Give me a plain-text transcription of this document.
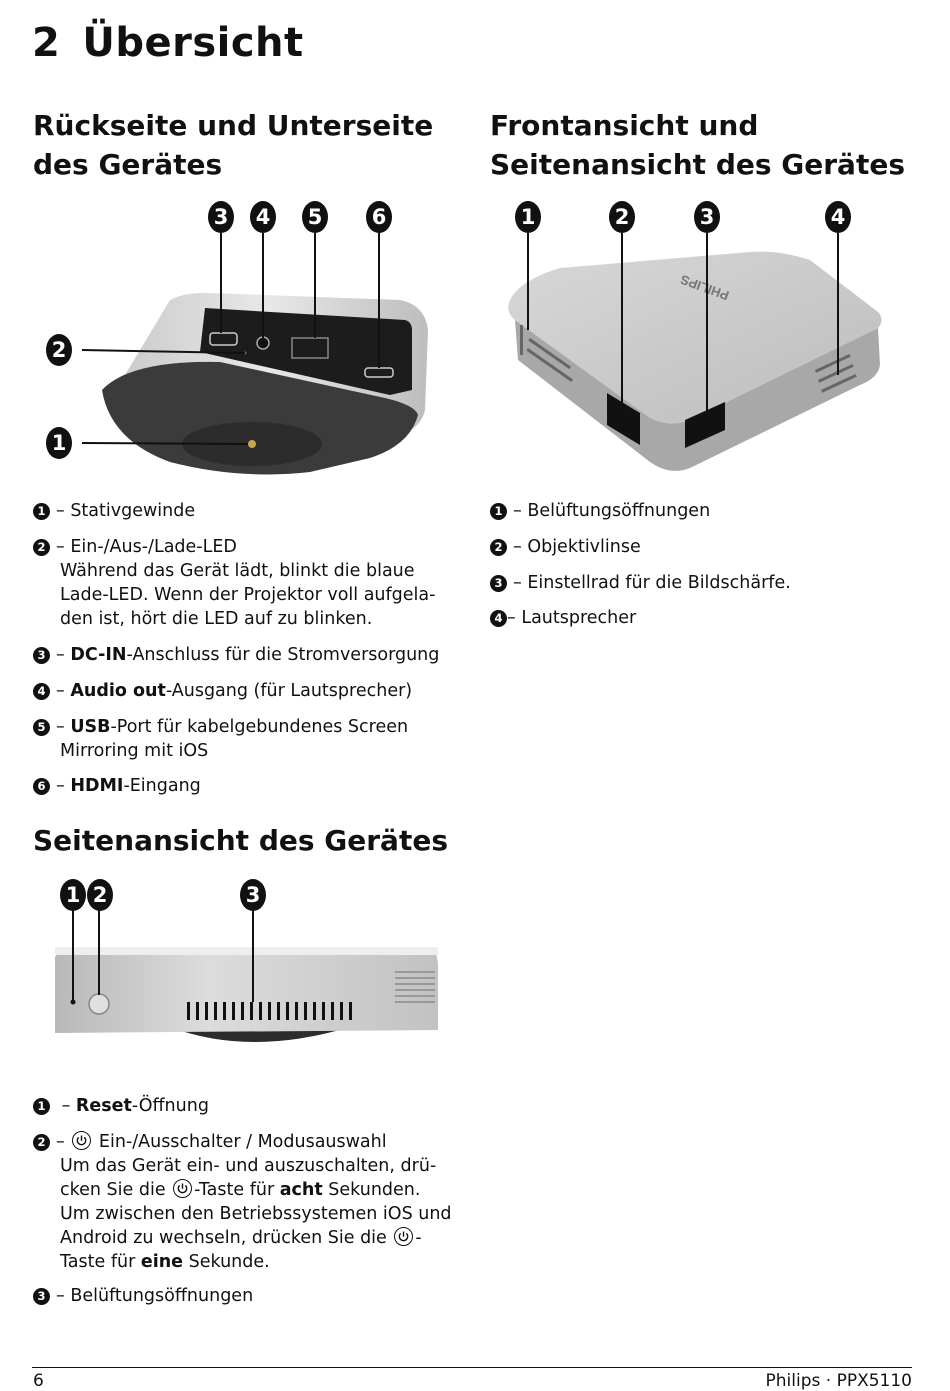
2 Übersicht
Rückseite und Unterseite
des Gerätes
Frontansicht und
Seitenansicht des Gerätes
1
2
3 4 5 6
PHILIPS
1	2	3	4
1 – Stativgewinde
2 – Ein-/Aus-/Lade-LED
Während das Gerät lädt, blinkt die blaue
Lade-LED. Wenn der Projektor voll aufgela-
den ist, hört die LED auf zu blinken.
3 – DC-IN-Anschluss für die Stromversorgung
4 – Audio out-Ausgang (für Lautsprecher)
5 – USB-Port für kabelgebundenes Screen
Mirroring mit iOS
6 – HDMI-Eingang
1 – Belüftungsöffnungen
2 – Objektivlinse
3 – Einstellrad für die Bildschärfe.
4 – Lautsprecher
Seitenansicht des Gerätes
1 2	3
1 – Reset-Öffnung
2 –
Ein-/Ausschalter / Modusauswahl
Um das Gerät ein- und auszuschalten, drü-
cken Sie die
-Taste für acht Sekunden.
Um zwischen den Betriebssystemen iOS und
Android zu wechseln, drücken Sie die
-
Taste für eine Sekunde.
3 – Belüftungsöffnungen
6	Philips · PPX5110
